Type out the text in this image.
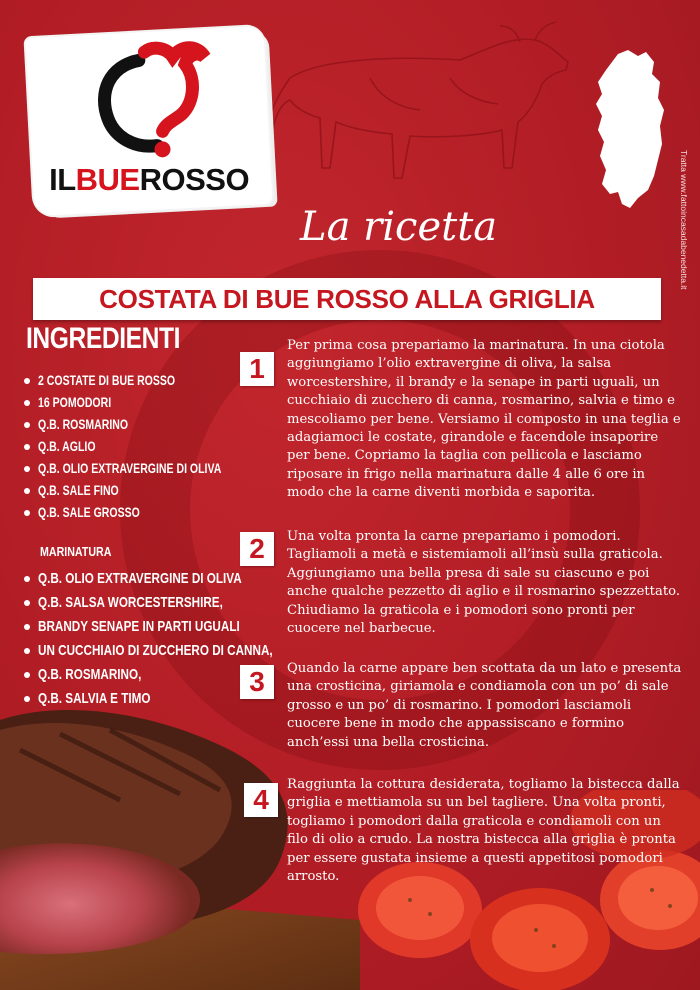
Tratta www.fattoincasadabenedetta.it
ILBUEROSSO
La ricetta
COSTATA DI BUE ROSSO ALLA GRIGLIA
INGREDIENTI
2 COSTATE DI BUE ROSSO
16 POMODORI
Q.B. ROSMARINO
Q.B. AGLIO
Q.B. OLIO EXTRAVERGINE DI OLIVA
Q.B. SALE FINO
Q.B. SALE GROSSO
MARINATURA
Q.B. OLIO EXTRAVERGINE DI OLIVA
Q.B. SALSA WORCESTERSHIRE,
BRANDY SENAPE IN PARTI UGUALI
UN CUCCHIAIO DI ZUCCHERO DI CANNA,
Q.B. ROSMARINO,
Q.B. SALVIA E TIMO
1
Per prima cosa prepariamo la marinatura. In una ciotola aggiungiamo l’olio extravergine di oliva, la salsa worcestershire, il brandy e la senape in parti uguali, un cucchiaio di zucchero di canna, rosmarino, salvia e timo e mescoliamo per bene. Versiamo il composto in una teglia e adagiamoci le costate, girandole e facendole insaporire per bene. Copriamo la taglia con pellicola e lasciamo riposare in frigo nella marinatura dalle 4 alle 6 ore in modo che la carne diventi morbida e saporita.
2	Una volta pronta la carne prepariamo i pomodori. Tagliamoli a metà e sistemiamoli all’insù sulla graticola. Aggiungiamo una bella presa di sale su ciascuno e poi anche qualche pezzetto di aglio e il rosmarino spezzettato. Chiudiamo la graticola e i pomodori sono pronti per cuocere nel barbecue.
3	Quando la carne appare ben scottata da un lato e presenta una crosticina, giriamola e condiamola con un po’ di sale grosso e un po’ di rosmarino. I pomodori lasciamoli cuocere bene in modo che appassiscano e formino anch’essi una bella crosticina.
4	Raggiunta la cottura desiderata, togliamo la bistecca dalla griglia e mettiamola su un bel tagliere. Una volta pronti, togliamo i pomodori dalla graticola e condiamoli con un filo di olio a crudo. La nostra bistecca alla griglia è pronta per essere gustata insieme a questi appetitosi pomodori arrosto.
